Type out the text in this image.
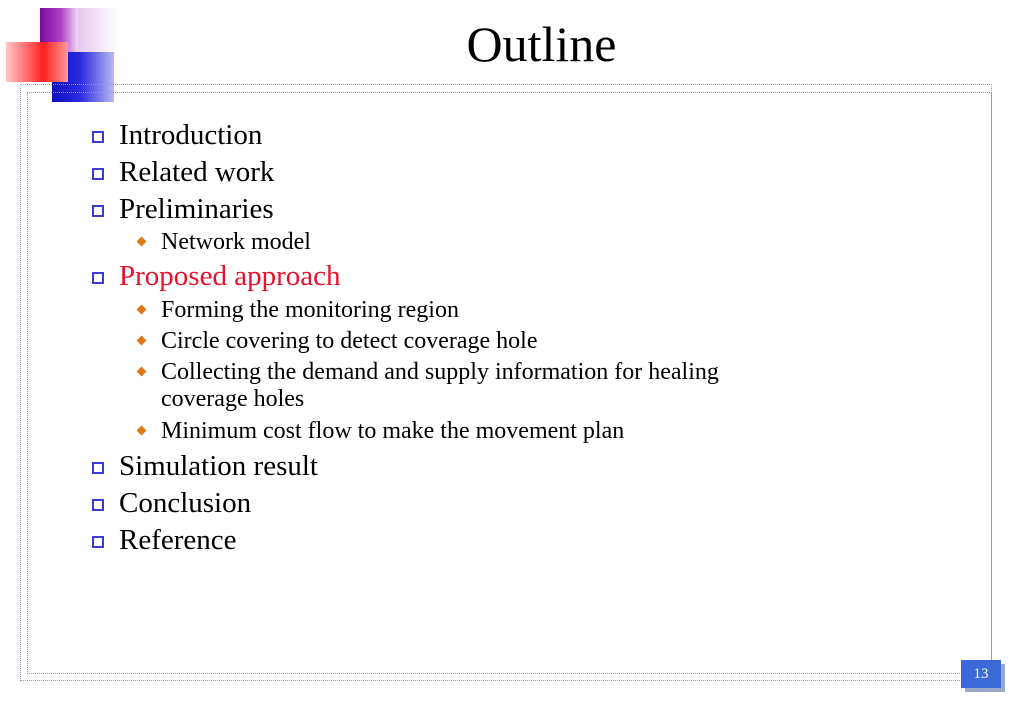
Outline
Introduction
Related work
Preliminaries
Network model
Proposed approach
Forming the monitoring region
Circle covering to detect coverage hole
Collecting the demand and supply information for healing
coverage holes
Minimum cost flow to make the movement plan
Simulation result
Conclusion
Reference
13
